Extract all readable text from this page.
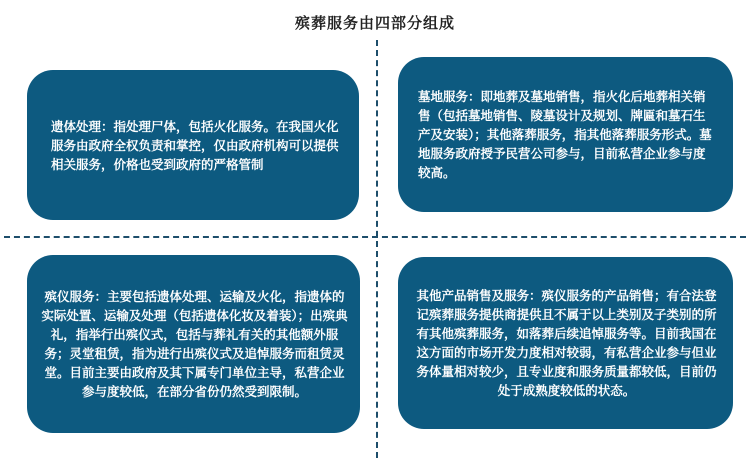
殡葬服务由四部分组成

遗体处理：指处理尸体，包括火化服务。在我国火化服务由政府全权负责和掌控，仅由政府机构可以提供相关服务，价格也受到政府的严格管制

墓地服务：即地葬及墓地销售，指火化后地葬相关销售（包括墓地销售、陵墓设计及规划、牌匾和墓石生产及安装）；其他落葬服务，指其他落葬服务形式。墓地服务政府授予民营公司参与，目前私营企业参与度较高。

殡仪服务：主要包括遗体处理、运输及火化，指遗体的实际处置、运输及处理（包括遗体化妆及着装）；出殡典礼，指举行出殡仪式，包括与葬礼有关的其他额外服务；灵堂租赁，指为进行出殡仪式及追悼服务而租赁灵堂。目前主要由政府及其下属专门单位主导，私营企业参与度较低，在部分省份仍然受到限制。

其他产品销售及服务：殡仪服务的产品销售；有合法登记殡葬服务提供商提供且不属于以上类别及子类别的所有其他殡葬服务，如落葬后续追悼服务等。目前我国在这方面的市场开发力度相对较弱，有私营企业参与但业务体量相对较少，且专业度和服务质量都较低，目前仍处于成熟度较低的状态。
